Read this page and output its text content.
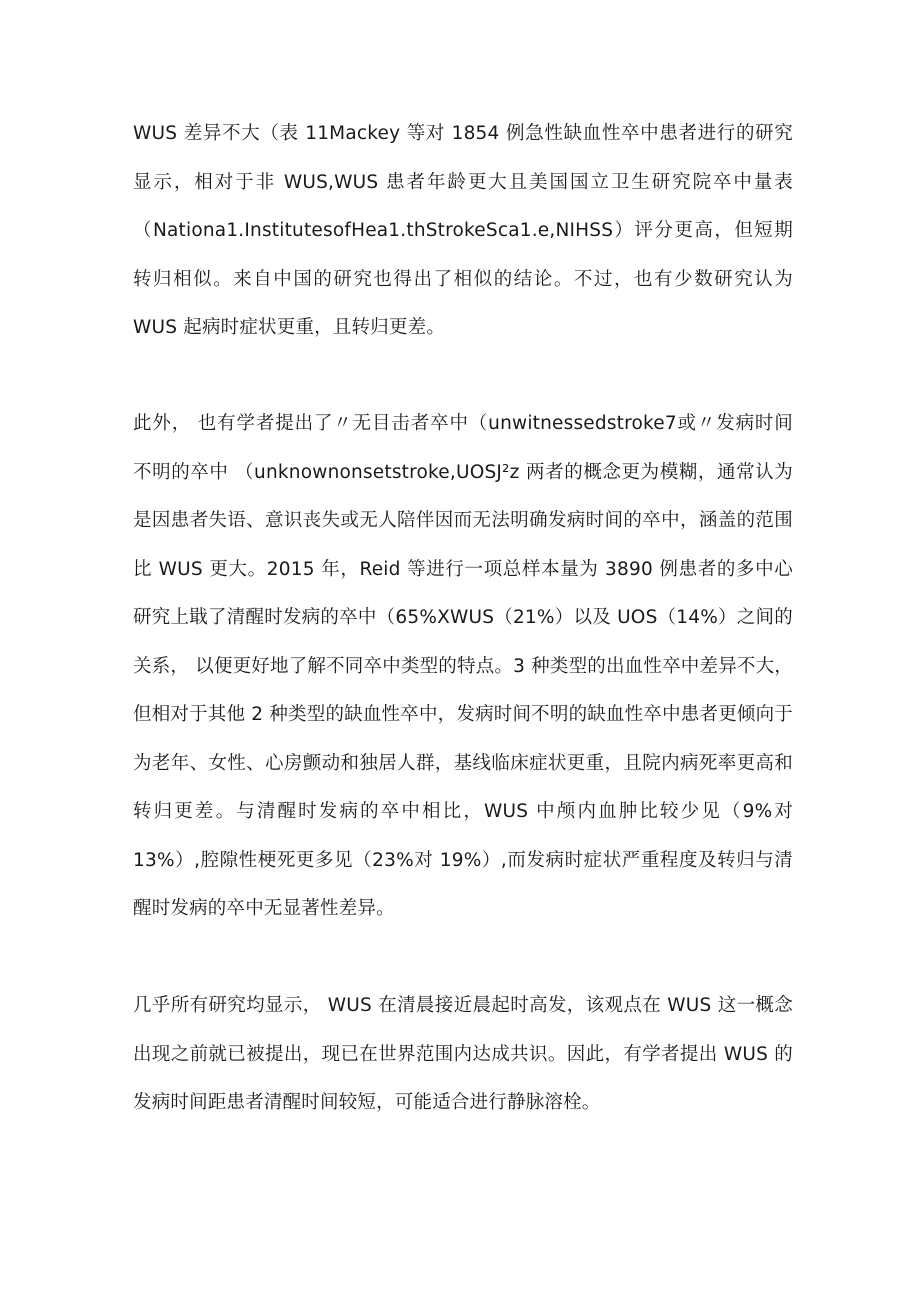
WUS 差异不大（表 11Mackey 等对 1854 例急性缺血性卒中患者进行的研究显示，相对于非 WUS,WUS 患者年龄更大且美国国立卫生研究院卒中量表（Nationa1.InstitutesofHea1.thStrokeSca1.e,NIHSS）评分更高，但短期转归相似。来自中国的研究也得出了相似的结论。不过，也有少数研究认为 WUS 起病时症状更重，且转归更差。

此外， 也有学者提出了〃无目击者卒中（unwitnessedstroke7或〃发病时间不明的卒中 （unknownonsetstroke,UOSJ²z 两者的概念更为模糊，通常认为是因患者失语、意识丧失或无人陪伴因而无法明确发病时间的卒中，涵盖的范围比 WUS 更大。2015 年，Reid 等进行一项总样本量为 3890 例患者的多中心研究上戢了清醒时发病的卒中（65%XWUS（21%）以及 UOS（14%）之间的关系， 以便更好地了解不同卒中类型的特点。3 种类型的出血性卒中差异不大，但相对于其他 2 种类型的缺血性卒中，发病时间不明的缺血性卒中患者更倾向于为老年、女性、心房颤动和独居人群，基线临床症状更重，且院内病死率更高和转归更差。与清醒时发病的卒中相比，WUS 中颅内血肿比较少见（9%对 13%）,腔隙性梗死更多见（23%对 19%）,而发病时症状严重程度及转归与清醒时发病的卒中无显著性差异。

几乎所有研究均显示， WUS 在清晨接近晨起时高发，该观点在 WUS 这一概念出现之前就已被提出，现已在世界范围内达成共识。因此，有学者提出 WUS 的发病时间距患者清醒时间较短，可能适合进行静脉溶栓。
